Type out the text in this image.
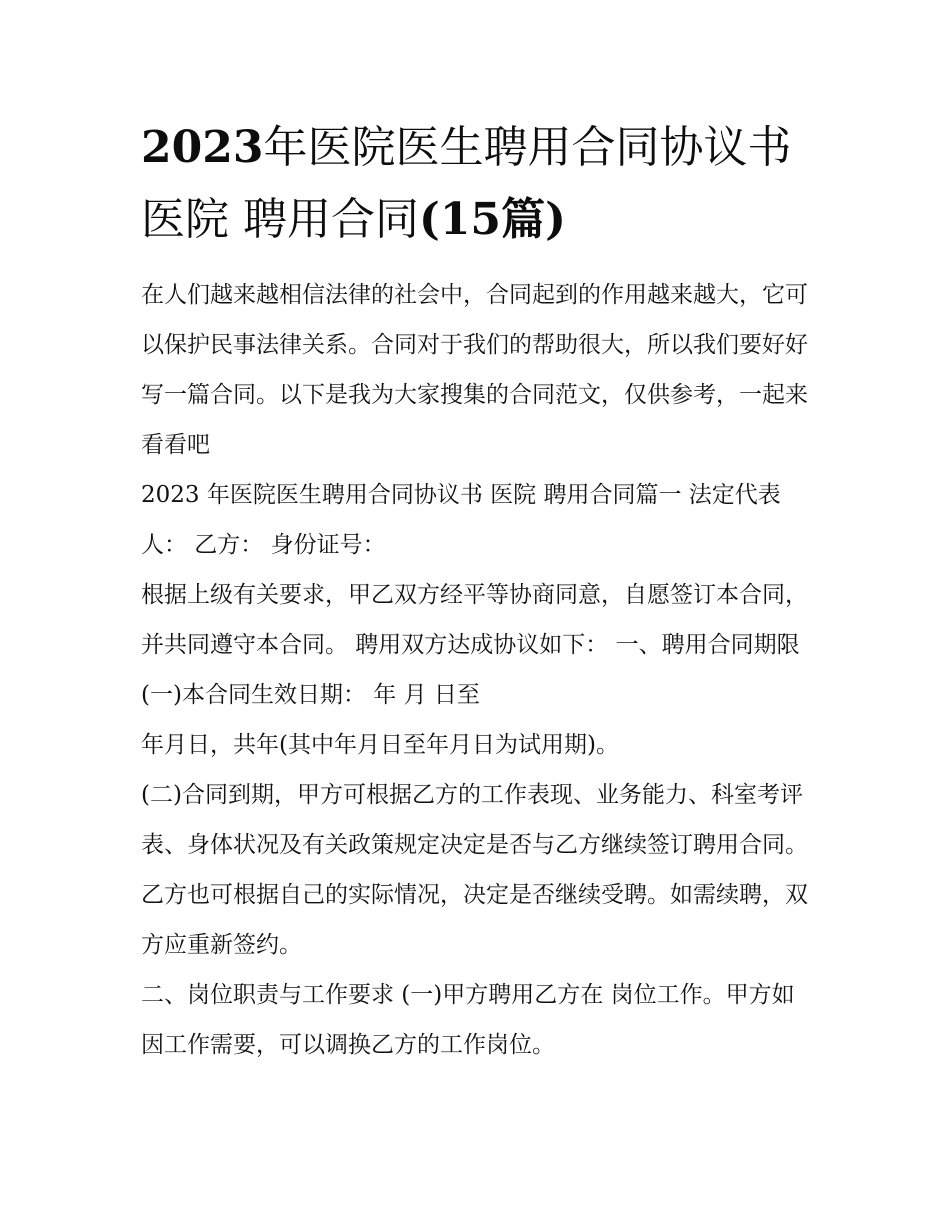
2023年医院医生聘用合同协议书 医院 聘用合同(15篇)

在人们越来越相信法律的社会中，合同起到的作用越来越大，它可以保护民事法律关系。合同对于我们的帮助很大，所以我们要好好写一篇合同。以下是我为大家搜集的合同范文，仅供参考，一起来看看吧

2023 年医院医生聘用合同协议书 医院 聘用合同篇一 法定代表人： 乙方： 身份证号：

根据上级有关要求，甲乙双方经平等协商同意，自愿签订本合同，并共同遵守本合同。 聘用双方达成协议如下： 一、聘用合同期限 (一)本合同生效日期： 年 月 日至

年月日，共年(其中年月日至年月日为试用期)。

(二)合同到期，甲方可根据乙方的工作表现、业务能力、科室考评表、身体状况及有关政策规定决定是否与乙方继续签订聘用合同。乙方也可根据自己的实际情况，决定是否继续受聘。如需续聘，双方应重新签约。

二、岗位职责与工作要求 (一)甲方聘用乙方在 岗位工作。甲方如因工作需要，可以调换乙方的工作岗位。
